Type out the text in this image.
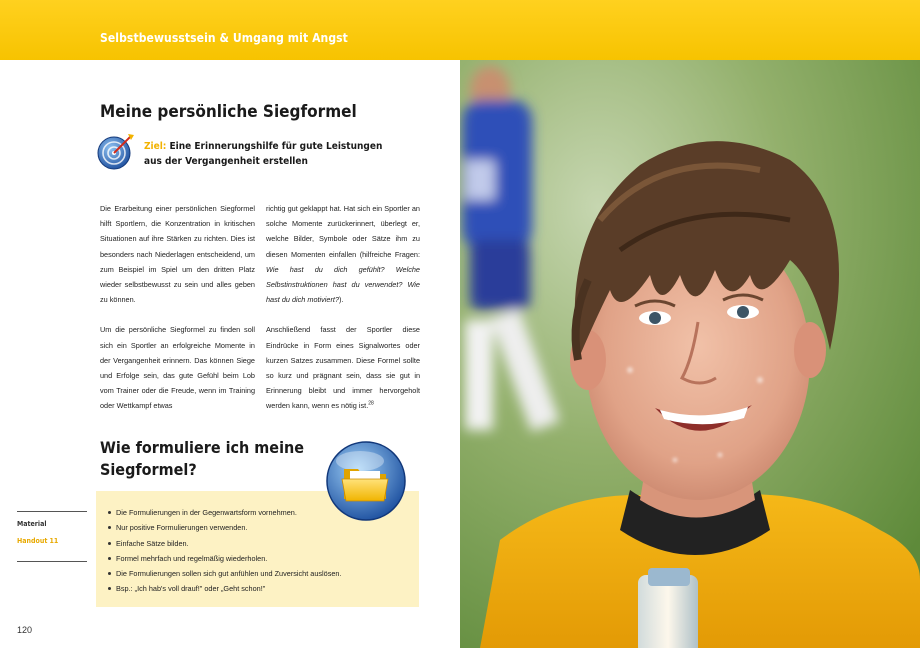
Selbstbewusstsein & Umgang mit Angst
Meine persönliche Siegformel
Ziel: Eine Erinnerungshilfe für gute Leistungen aus der Vergangenheit erstellen

Die Erarbeitung einer persönlichen Siegformel hilft Sportlern, die Konzentration in kritischen Situationen auf ihre Stärken zu richten. Dies ist besonders nach Niederlagen entscheidend, um zum Beispiel im Spiel um den dritten Platz wieder selbstbewusst zu sein und alles geben zu können.

Um die persönliche Siegformel zu finden soll sich ein Sportler an erfolgreiche Momente in der Vergangenheit erinnern. Das können Siege und Erfolge sein, das gute Gefühl beim Lob vom Trainer oder die Freude, wenn im Training oder Wettkampf etwas

richtig gut geklappt hat. Hat sich ein Sportler an solche Momente zurückerinnert, überlegt er, welche Bilder, Symbole oder Sätze ihm zu diesen Momenten einfallen (hilfreiche Fragen: Wie hast du dich gefühlt? Welche Selbstinstruktionen hast du verwendet? Wie hast du dich motiviert?).

Anschließend fasst der Sportler diese Eindrücke in Form eines Signalwortes oder kurzen Satzes zusammen. Diese Formel sollte so kurz und prägnant sein, dass sie gut in Erinnerung bleibt und immer hervorgeholt werden kann, wenn es nötig ist.$^{28}$

Wie formuliere ich meine Siegformel?
Die Formulierungen in der Gegenwartsform vornehmen.
Nur positive Formulierungen verwenden.
Einfache Sätze bilden.
Formel mehrfach und regelmäßig wiederholen.
Die Formulierungen sollen sich gut anfühlen und Zuversicht auslösen.
Bsp.: „Ich hab's voll drauf!" oder „Geht schon!"
Material
Handout 11
120
